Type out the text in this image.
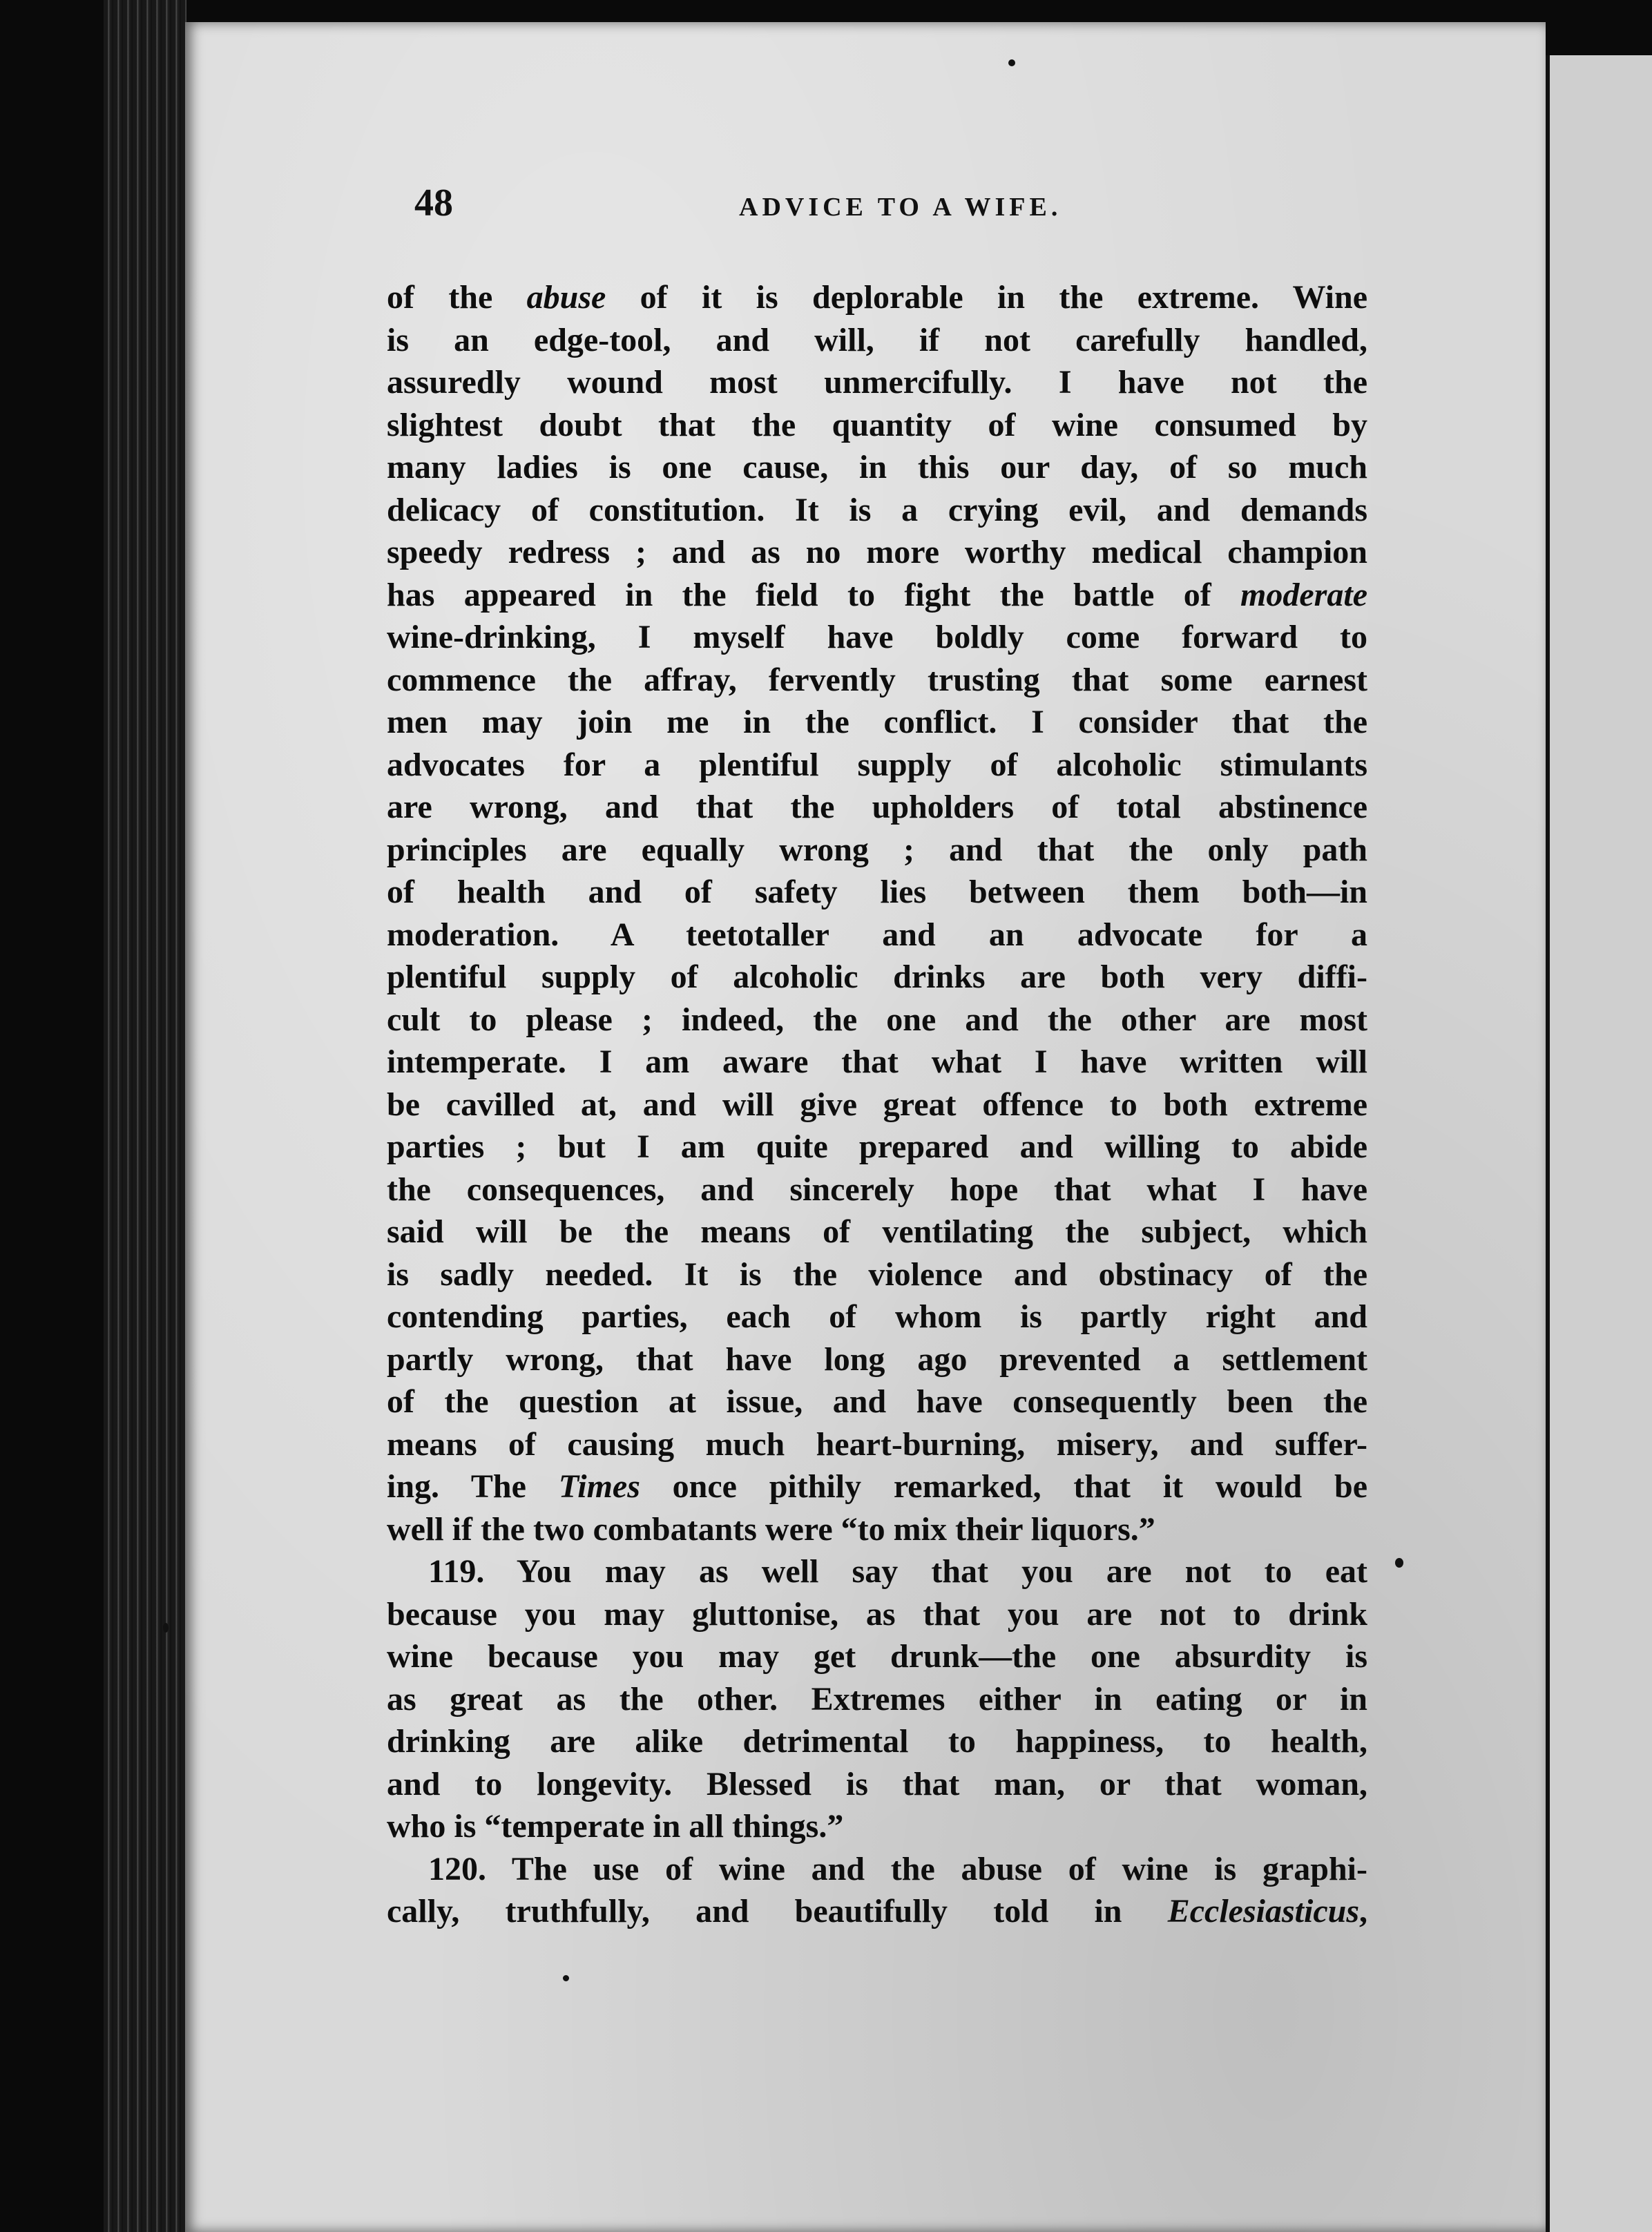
48	ADVICE TO A WIFE.
of the abuse of it is deplorable in the extreme. Wine
is an edge-tool, and will, if not carefully handled,
assuredly wound most unmercifully. I have not the
slightest doubt that the quantity of wine consumed by
many ladies is one cause, in this our day, of so much
delicacy of constitution. It is a crying evil, and demands
speedy redress ; and as no more worthy medical champion
has appeared in the field to fight the battle of moderate
wine-drinking, I myself have boldly come forward to
commence the affray, fervently trusting that some earnest
men may join me in the conflict. I consider that the
advocates for a plentiful supply of alcoholic stimulants
are wrong, and that the upholders of total abstinence
principles are equally wrong ; and that the only path
of health and of safety lies between them both—in
moderation. A teetotaller and an advocate for a
plentiful supply of alcoholic drinks are both very diffi-
cult to please ; indeed, the one and the other are most
intemperate. I am aware that what I have written will
be cavilled at, and will give great offence to both extreme
parties ; but I am quite prepared and willing to abide
the consequences, and sincerely hope that what I have
said will be the means of ventilating the subject, which
is sadly needed. It is the violence and obstinacy of the
contending parties, each of whom is partly right and
partly wrong, that have long ago prevented a settlement
of the question at issue, and have consequently been the
means of causing much heart-burning, misery, and suffer-
ing. The Times once pithily remarked, that it would be
well if the two combatants were “to mix their liquors.”
119. You may as well say that you are not to eat
because you may gluttonise, as that you are not to drink
wine because you may get drunk—the one absurdity is
as great as the other. Extremes either in eating or in
drinking are alike detrimental to happiness, to health,
and to longevity. Blessed is that man, or that woman,
who is “temperate in all things.”
120. The use of wine and the abuse of wine is graphi-
cally, truthfully, and beautifully told in Ecclesiasticus,
